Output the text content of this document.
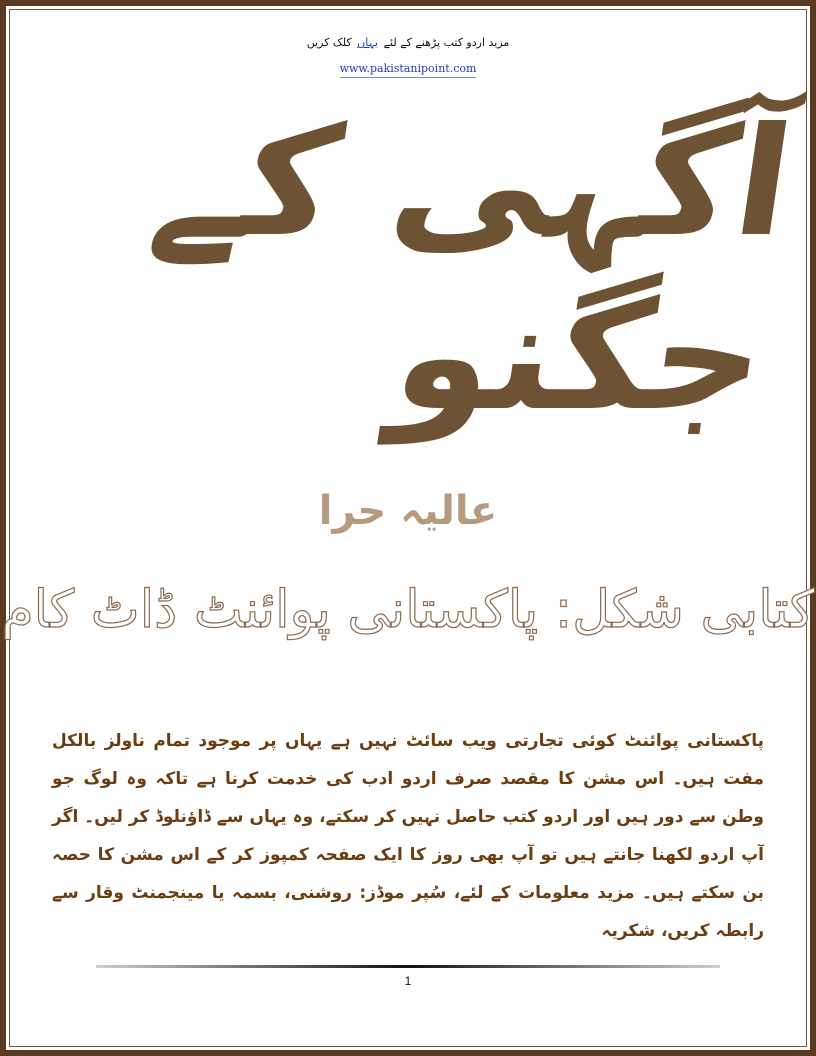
مزید اردو کتب پڑھنے کے لئے یہاں کلک کریں
www.pakistanipoint.com
آگہی کے جگنو
عالیہ حرا
کتابی شکل: پاکستانی پوائنٹ ڈاٹ کام
پاکستانی پوائنٹ کوئی تجارتی ویب سائٹ نہیں ہے یہاں پر موجود تمام ناولز بالکل مفت ہیں۔ اس مشن کا مقصد صرف اردو ادب کی خدمت کرنا ہے تاکہ وہ لوگ جو وطن سے دور ہیں اور اردو کتب حاصل نہیں کر سکتے، وہ یہاں سے ڈاؤنلوڈ کر لیں۔ اگر آپ اردو لکھنا جانتے ہیں تو آپ بھی روز کا ایک صفحہ کمپوز کر کے اس مشن کا حصہ بن سکتے ہیں۔ مزید معلومات کے لئے، سُپر موڈز: روشنی، بسمہ یا مینجمنٹ وقار سے رابطہ کریں، شکریہ
1
